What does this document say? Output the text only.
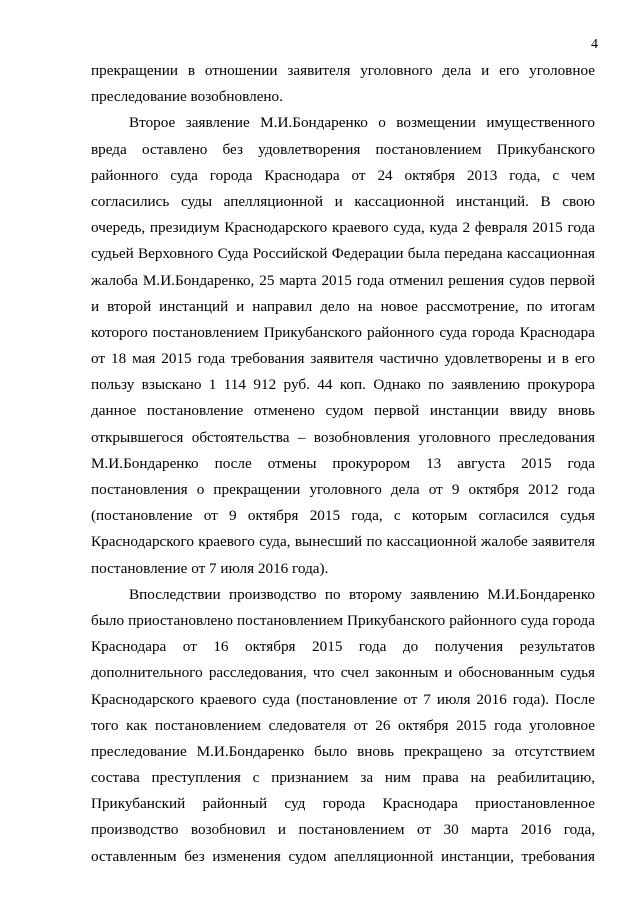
4
прекращении в отношении заявителя уголовного дела и его уголовное
преследование возобновлено.
Второе заявление М.И.Бондаренко о возмещении имущественного
вреда оставлено без удовлетворения постановлением Прикубанского
районного суда города Краснодара от 24 октября 2013 года, с чем
согласились суды апелляционной и кассационной инстанций. В свою
очередь, президиум Краснодарского краевого суда, куда 2 февраля 2015 года
судьей Верховного Суда Российской Федерации была передана кассационная
жалоба М.И.Бондаренко, 25 марта 2015 года отменил решения судов первой
и второй инстанций и направил дело на новое рассмотрение, по итогам
которого постановлением Прикубанского районного суда города Краснодара
от 18 мая 2015 года требования заявителя частично удовлетворены и в его
пользу взыскано 1 114 912 руб. 44 коп. Однако по заявлению прокурора
данное постановление отменено судом первой инстанции ввиду вновь
открывшегося обстоятельства – возобновления уголовного преследования
М.И.Бондаренко после отмены прокурором 13 августа 2015 года
постановления о прекращении уголовного дела от 9 октября 2012 года
(постановление от 9 октября 2015 года, с которым согласился судья
Краснодарского краевого суда, вынесший по кассационной жалобе заявителя
постановление от 7 июля 2016 года).
Впоследствии производство по второму заявлению М.И.Бондаренко
было приостановлено постановлением Прикубанского районного суда города
Краснодара от 16 октября 2015 года до получения результатов
дополнительного расследования, что счел законным и обоснованным судья
Краснодарского краевого суда (постановление от 7 июля 2016 года). После
того как постановлением следователя от 26 октября 2015 года уголовное
преследование М.И.Бондаренко было вновь прекращено за отсутствием
состава преступления с признанием за ним права на реабилитацию,
Прикубанский районный суд города Краснодара приостановленное
производство возобновил и постановлением от 30 марта 2016 года,
оставленным без изменения судом апелляционной инстанции, требования
